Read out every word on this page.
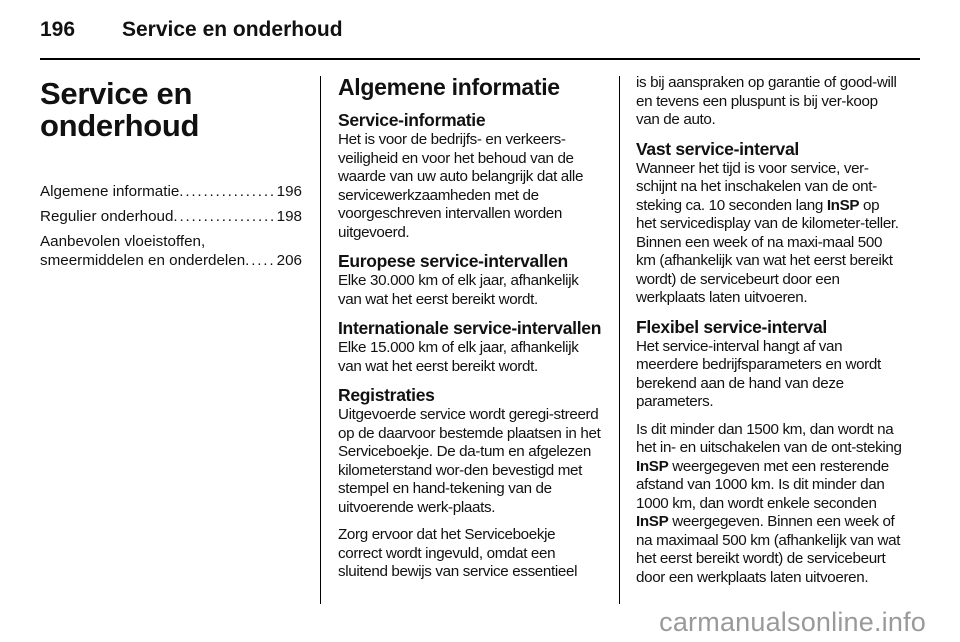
196 Service en onderhoud
Service en
onderhoud
Algemene informatie . . .	196
Regulier onderhoud . . .	198
Aanbevolen vloeistoffen,
smeermiddelen en onderdelen . . . 206
Algemene informatie
Service-informatie

Het is voor de bedrijfs- en verkeers-veiligheid en voor het behoud van de waarde van uw auto belangrijk dat alle servicewerkzaamheden met de voorgeschreven intervallen worden uitgevoerd.

Europese service-intervallen

Elke 30.000 km of elk jaar, afhankelijk van wat het eerst bereikt wordt.

Internationale service-intervallen

Elke 15.000 km of elk jaar, afhankelijk van wat het eerst bereikt wordt.

Registraties

Uitgevoerde service wordt geregi-streerd op de daarvoor bestemde plaatsen in het Serviceboekje. De da-tum en afgelezen kilometerstand wor-den bevestigd met stempel en hand-tekening van de uitvoerende werk-plaats.

Zorg ervoor dat het Serviceboekje correct wordt ingevuld, omdat een sluitend bewijs van service essentieel

is bij aanspraken op garantie of good-will en tevens een pluspunt is bij ver-koop van de auto.

Vast service-interval

Wanneer het tijd is voor service, ver-schijnt na het inschakelen van de ont-steking ca. 10 seconden lang InSP op het servicedisplay van de kilometer-teller. Binnen een week of na maxi-maal 500 km (afhankelijk van wat het eerst bereikt wordt) de servicebeurt door een werkplaats laten uitvoeren.

Flexibel service-interval

Het service-interval hangt af van meerdere bedrijfsparameters en wordt berekend aan de hand van deze parameters.

Is dit minder dan 1500 km, dan wordt na het in- en uitschakelen van de ont-steking InSP weergegeven met een resterende afstand van 1000 km. Is dit minder dan 1000 km, dan wordt enkele seconden InSP weergegeven. Binnen een week of na maximaal 500 km (afhankelijk van wat het eerst bereikt wordt) de servicebeurt door een werkplaats laten uitvoeren.

carmanualsonline.info
